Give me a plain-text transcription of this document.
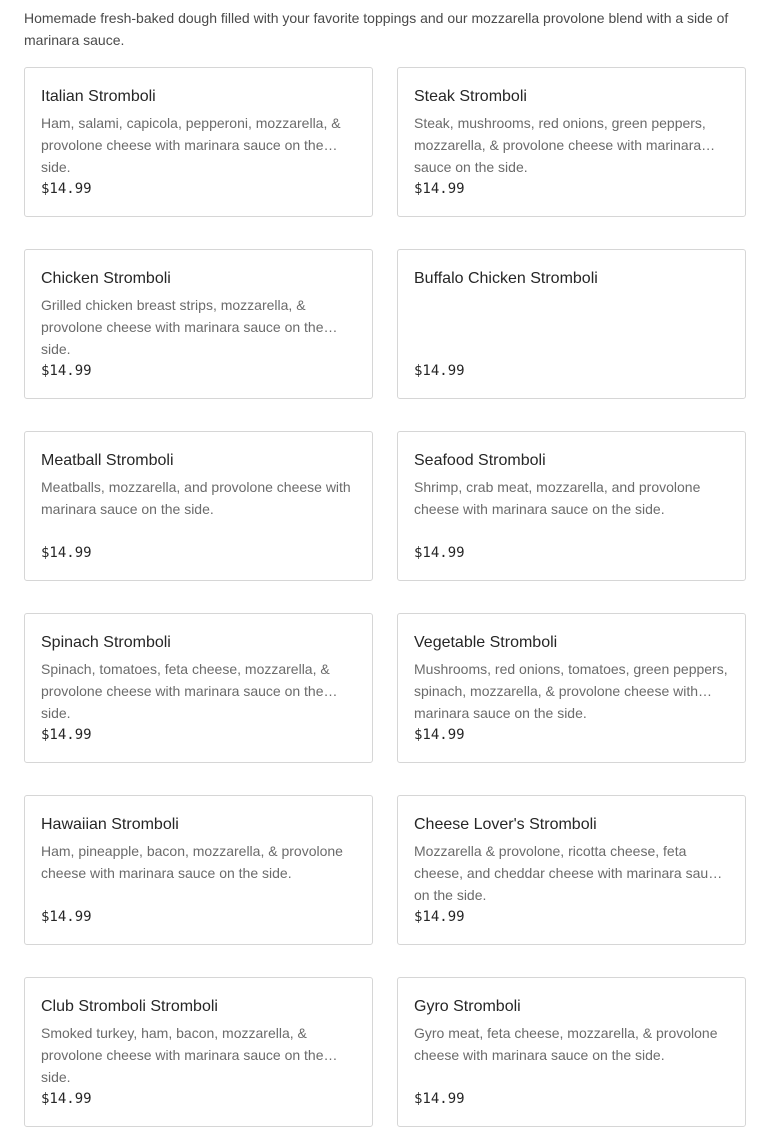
Homemade fresh-baked dough filled with your favorite toppings and our mozzarella provolone blend with a side of marinara sauce.

Italian Stromboli
Ham, salami, capicola, pepperoni, mozzarella, & provolone cheese with marinara sauce on the side.
$14.99
Steak Stromboli
Steak, mushrooms, red onions, green peppers, mozzarella, & provolone cheese with marinara sauce on the side.
$14.99
Chicken Stromboli
Grilled chicken breast strips, mozzarella, & provolone cheese with marinara sauce on the side.
$14.99
Buffalo Chicken Stromboli
$14.99
Meatball Stromboli
Meatballs, mozzarella, and provolone cheese with marinara sauce on the side.
$14.99
Seafood Stromboli
Shrimp, crab meat, mozzarella, and provolone cheese with marinara sauce on the side.
$14.99
Spinach Stromboli
Spinach, tomatoes, feta cheese, mozzarella, & provolone cheese with marinara sauce on the side.
$14.99
Vegetable Stromboli
Mushrooms, red onions, tomatoes, green peppers, spinach, mozzarella, & provolone cheese with marinara sauce on the side.
$14.99
Hawaiian Stromboli
Ham, pineapple, bacon, mozzarella, & provolone cheese with marinara sauce on the side.
$14.99
Cheese Lover's Stromboli
Mozzarella & provolone, ricotta cheese, feta cheese, and cheddar cheese with marinara sauce on the side.
$14.99
Club Stromboli Stromboli
Smoked turkey, ham, bacon, mozzarella, & provolone cheese with marinara sauce on the side.
$14.99
Gyro Stromboli
Gyro meat, feta cheese, mozzarella, & provolone cheese with marinara sauce on the side.
$14.99
